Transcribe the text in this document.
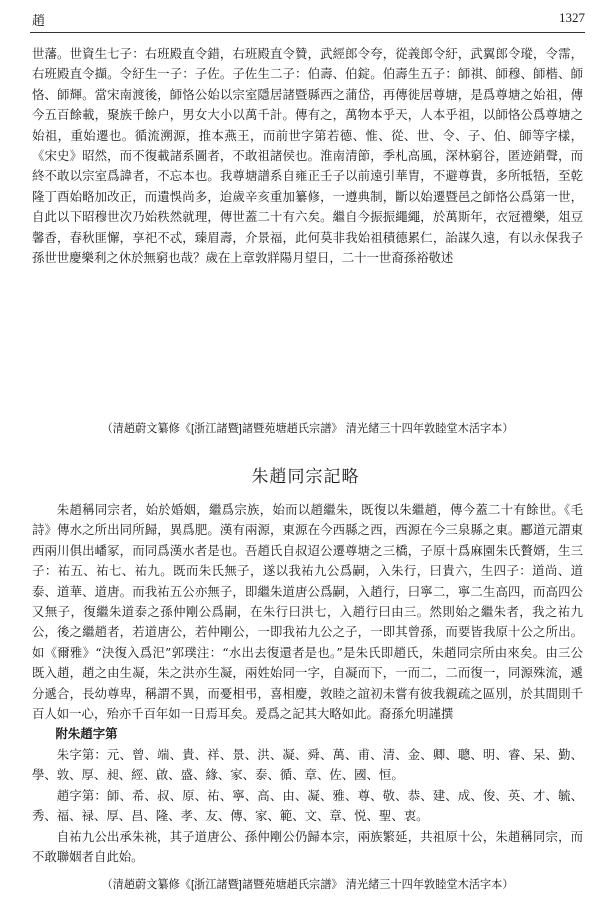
趙	1327

世藩。世資生七子：右班殿直令錯，右班殿直令贊，武經郎令夸，從義郎令紆，武翼郎令瑽，令霈，右班殿直令擷。令紆生一子：子佐。子佐生二子：伯壽、伯錠。伯壽生五子：師祺、師穆、師楷、師恪、師輝。當宋南渡後，師恪公始以宗室隱居諸暨縣西之蒲岱，再傳徙居尊塘，是爲尊塘之始祖，傳今五百餘載，聚族千餘户，男女大小以萬千計。傳有之，萬物本乎天，人本乎祖，以師恪公爲尊塘之始祖，重始遷也。循流溯源，推本燕王，而前世字第若德、惟、從、世、令、子、伯、師等字樣，《宋史》昭然，而不復載諸系圖者，不敢祖諸侯也。淮南清節，季札高風，深林窮谷，匿迹銷聲，而終不敢以宗室爲諱者，不忘本也。我尊塘譜系自雍正壬子以前遠引華胄，不避尊貴，多所牴牾，至乾隆丁酉始略加改正，而遺悞尚多，迨歲辛亥重加纂修，一遵典制，斷以始遷暨邑之師恪公爲第一世，自此以下昭穆世次乃始秩然就理，傳世蓋二十有六矣。繼自今振振繩繩，於萬斯年，衣冠禮樂，俎豆馨香，春秋匪懈，享祀不忒，臻眉壽，介景福，此何莫非我始祖積德累仁，詒謀久遠，有以永保我子孫世世慶樂利之休於無窮也哉？歲在上章敦牂陽月望日，二十一世裔孫裕敬述

（清趙蔚文纂修《[浙江諸暨]諸暨苑塘趙氏宗譜》 清光緒三十四年敦睦堂木活字本）
朱趙同宗記略

朱趙稱同宗者，始於婚姻，繼爲宗族，始而以趙繼朱，既復以朱繼趙，傳今蓋二十有餘世。《毛詩》傳水之所出同所歸，異爲肥。漢有兩源，東源在今西縣之西，西源在今三泉縣之東。酈道元謂東西兩川俱出嶓冢，而同爲漢水者是也。吾趙氏自叔迢公遷尊塘之三橋，子原十爲麻園朱氏贅婿，生三子：祐五、祐七、祐九。既而朱氏無子，遂以我祐九公爲嗣，入朱行，曰貴六，生四子：道尚、道泰、道華、道唐。而我祐五公亦無子，即繼朱道唐公爲嗣，入趙行，曰寧二，寧二生高四，而高四公又無子，復繼朱道泰之孫仲剛公爲嗣，在朱行曰洪七，入趙行曰由三。然則始之繼朱者，我之祐九公，後之繼趙者，若道唐公，若仲剛公，一即我祐九公之子，一即其曾孫，而要皆我原十公之所出。如《爾雅》“決復入爲汜”郭璞注：“水出去復還者是也。”是朱氏即趙氏，朱趙同宗所由來矣。由三公既入趙，趙之由生凝，朱之洪亦生凝，兩姓始同一字，自凝而下，一而二，二而復一，同源殊流，遞分遞合，長幼尊卑，稱謂不異，而憂相弔，喜相慶，敦睦之誼初未嘗有彼我親疏之區別，於其間則千百人如一心，殆亦千百年如一日焉耳矣。爰爲之記其大略如此。裔孫允明謹撰

附朱趙字第

朱字第：元、曾、端、貴、祥、景、洪、凝、舜、萬、甫、清、金、卿、聰、明、睿、呆、勤、學、敦、厚、昶、經、啟、盛、緣、家、泰、循、章、佐、國、恒。

趙字第：師、希、叔、原、祐、寧、高、由、凝、雅、尊、敬、恭、建、成、俊、英、才、毓、秀、福、禄、厚、昌、隆、孝、友、傳、家、範、文、章、悦、聖、衷。

自祐九公出承朱祧，其子道唐公、孫仲剛公仍歸本宗，兩族繁延，共祖原十公，朱趙稱同宗，而不敢聯姻者自此始。

（清趙蔚文纂修《[浙江諸暨]諸暨苑塘趙氏宗譜》 清光緒三十四年敦睦堂木活字本）
